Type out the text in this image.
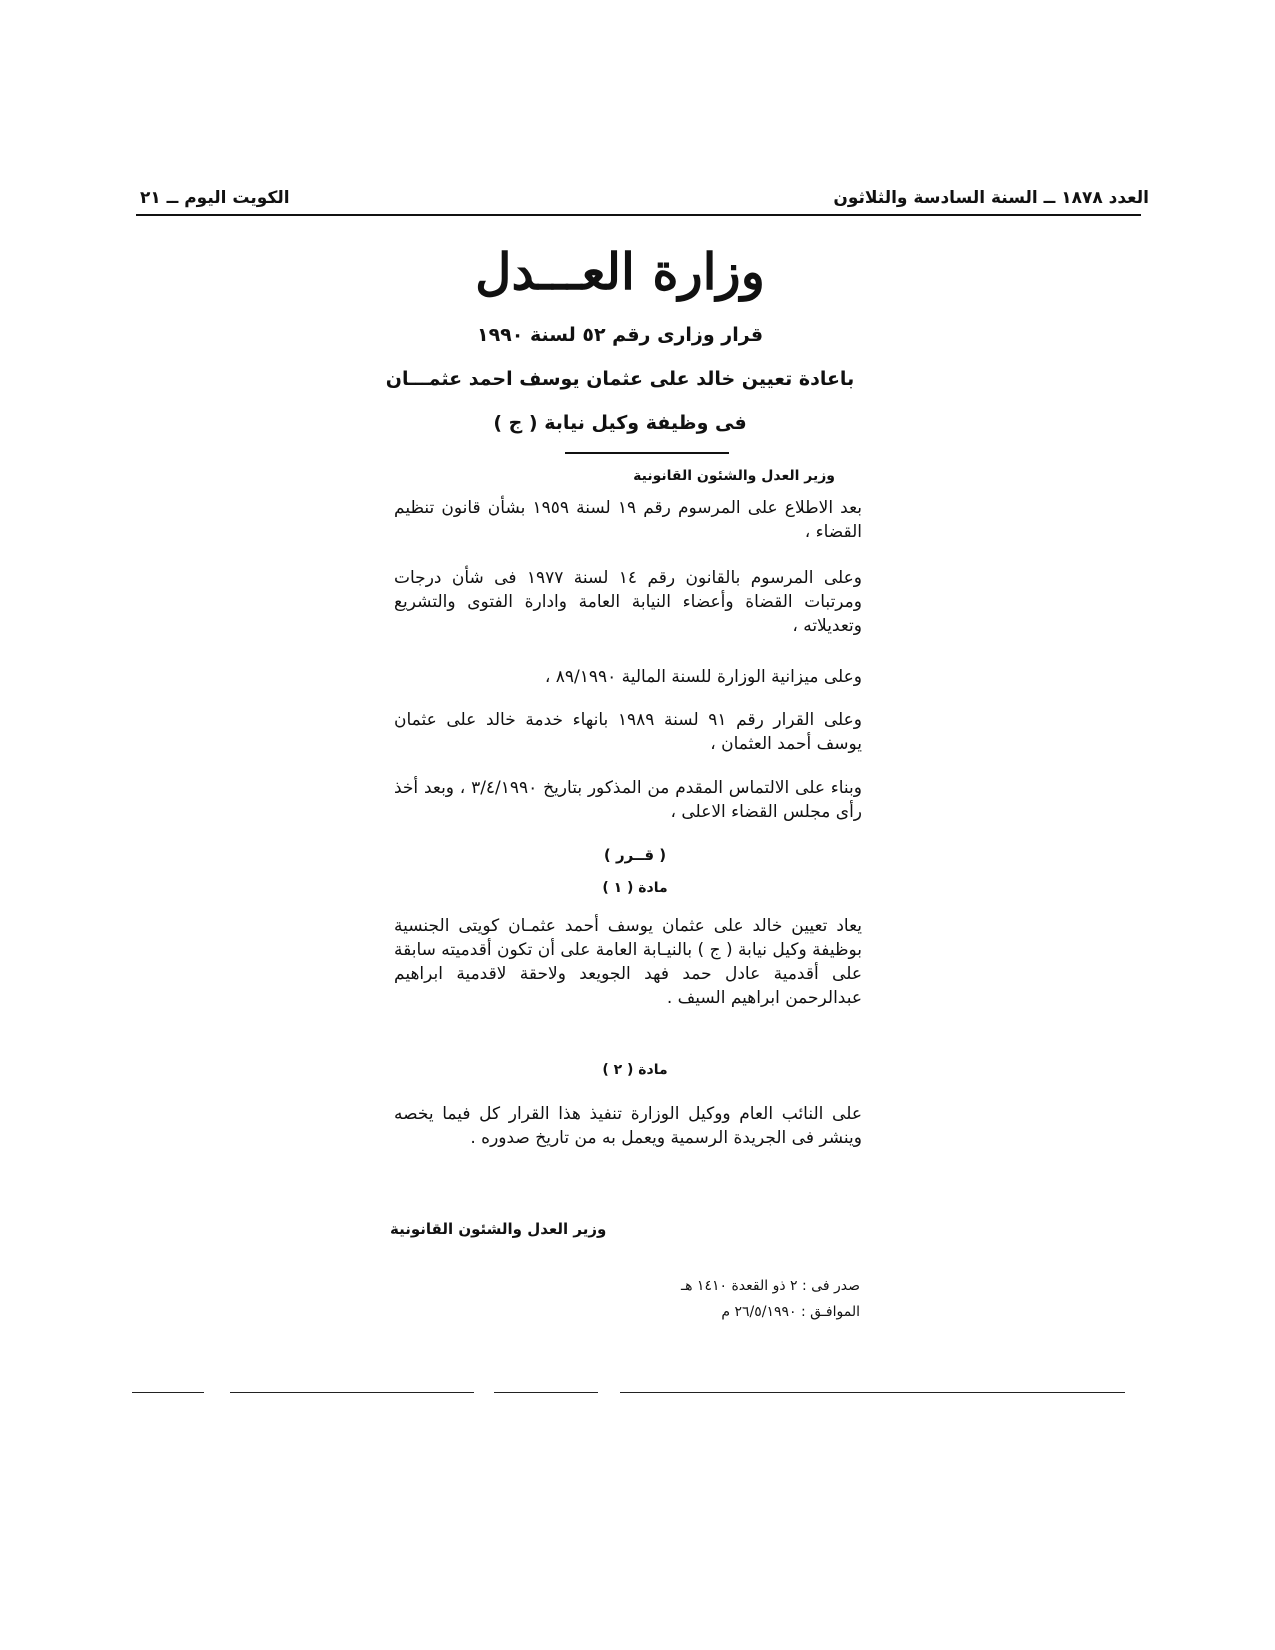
العدد ١٨٧٨ ــ السنة السادسة والثلاثون
الكويت اليوم ــ ٢١
وزارة العـــدل
قرار وزارى رقم ٥٢ لسنة ١٩٩٠
باعادة تعيين خالد على عثمان يوسف احمد عثمـــان
فى وظيفة وكيل نيابة ( ج )
وزير العدل والشئون القانونية
بعد الاطلاع على المرسوم رقم ١٩ لسنة ١٩٥٩ بشأن قانون تنظيم القضاء ،
وعلى المرسوم بالقانون رقم ١٤ لسنة ١٩٧٧ فى شأن درجات ومرتبات القضاة وأعضاء النيابة العامة وادارة الفتوى والتشريع وتعديلاته ،
وعلى ميزانية الوزارة للسنة المالية ٨٩/١٩٩٠ ،
وعلى القرار رقم ٩١ لسنة ١٩٨٩ بانهاء خدمة خالد على عثمان يوسف أحمد العثمان ،
وبناء على الالتماس المقدم من المذكور بتاريخ ٣/٤/١٩٩٠ ، وبعد أخذ رأى مجلس القضاء الاعلى ،
( قــرر )
مادة ( ١ )
يعاد تعيين خالد على عثمان يوسف أحمد عثمـان كويتى الجنسية بوظيفة وكيل نيابة ( ج ) بالنيـابة العامة على أن تكون أقدميته سابقة على أقدمية عادل حمد فهد الجويعد ولاحقة لاقدمية ابراهيم عبدالرحمن ابراهيم السيف .
مادة ( ٢ )
على النائب العام ووكيل الوزارة تنفيذ هذا القرار كل فيما يخصه وينشر فى الجريدة الرسمية ويعمل به من تاريخ صدوره .
وزير العدل والشئون القانونية
صدر فى : ٢ ذو القعدة ١٤١٠ هـ
الموافـق : ٢٦/٥/١٩٩٠ م
